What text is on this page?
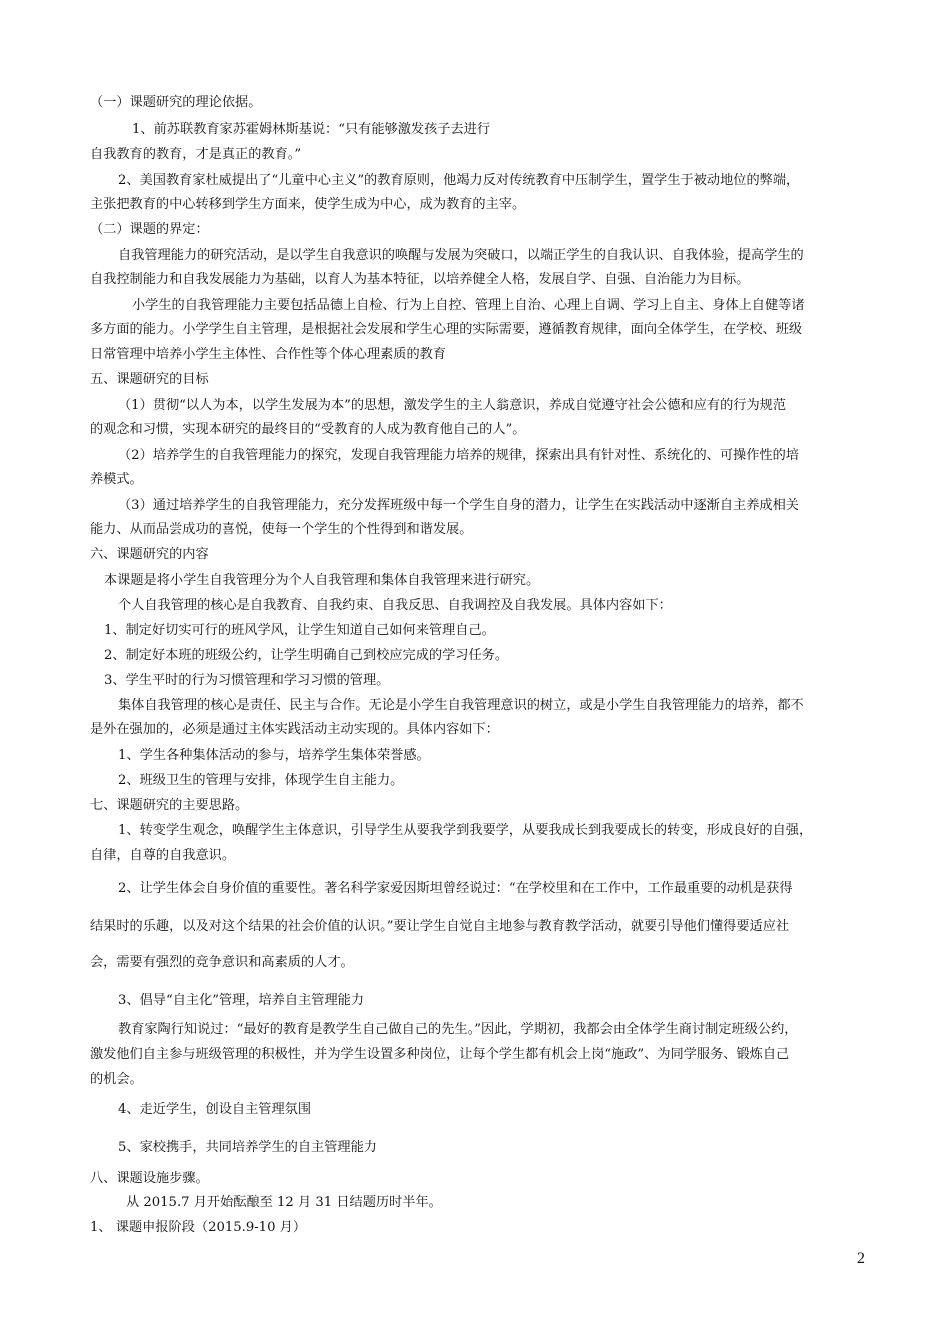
（一）课题研究的理论依据。
1、前苏联教育家苏霍姆林斯基说：“只有能够激发孩子去进行
自我教育的教育，才是真正的教育。”
2、美国教育家杜威提出了“儿童中心主义”的教育原则，他竭力反对传统教育中压制学生，置学生于被动地位的弊端，
主张把教育的中心转移到学生方面来，使学生成为中心，成为教育的主宰。
（二）课题的界定：
自我管理能力的研究活动，是以学生自我意识的唤醒与发展为突破口，以端正学生的自我认识、自我体验，提高学生的
自我控制能力和自我发展能力为基础，以育人为基本特征，以培养健全人格，发展自学、自强、自治能力为目标。
小学生的自我管理能力主要包括品德上自检、行为上自控、管理上自治、心理上自调、学习上自主、身体上自健等诸
多方面的能力。小学学生自主管理，是根据社会发展和学生心理的实际需要，遵循教育规律，面向全体学生，在学校、班级
日常管理中培养小学生主体性、合作性等个体心理素质的教育
五、课题研究的目标
（1）贯彻“以人为本，以学生发展为本”的思想，激发学生的主人翁意识，养成自觉遵守社会公德和应有的行为规范
的观念和习惯，实现本研究的最终目的“受教育的人成为教育他自己的人”。
（2）培养学生的自我管理能力的探究，发现自我管理能力培养的规律，探索出具有针对性、系统化的、可操作性的培
养模式。
（3）通过培养学生的自我管理能力，充分发挥班级中每一个学生自身的潜力，让学生在实践活动中逐渐自主养成相关
能力、从而品尝成功的喜悦，使每一个学生的个性得到和谐发展。
六、课题研究的内容
本课题是将小学生自我管理分为个人自我管理和集体自我管理来进行研究。
个人自我管理的核心是自我教育、自我约束、自我反思、自我调控及自我发展。具体内容如下：
1、制定好切实可行的班风学风，让学生知道自己如何来管理自己。
2、制定好本班的班级公约，让学生明确自己到校应完成的学习任务。
3、学生平时的行为习惯管理和学习习惯的管理。
集体自我管理的核心是责任、民主与合作。无论是小学生自我管理意识的树立，或是小学生自我管理能力的培养，都不
是外在强加的，必须是通过主体实践活动主动实现的。具体内容如下：
1、学生各种集体活动的参与，培养学生集体荣誉感。
2、班级卫生的管理与安排，体现学生自主能力。
七、课题研究的主要思路。
1、转变学生观念，唤醒学生主体意识，引导学生从要我学到我要学，从要我成长到我要成长的转变，形成良好的自强，
自律，自尊的自我意识。
2、让学生体会自身价值的重要性。著名科学家爱因斯坦曾经说过：“在学校里和在工作中，工作最重要的动机是获得
结果时的乐趣，以及对这个结果的社会价值的认识。”要让学生自觉自主地参与教育教学活动，就要引导他们懂得要适应社
会，需要有强烈的竞争意识和高素质的人才。
3、倡导“自主化”管理，培养自主管理能力
教育家陶行知说过：“最好的教育是教学生自己做自己的先生。”因此，学期初，我都会由全体学生商讨制定班级公约，
激发他们自主参与班级管理的积极性，并为学生设置多种岗位，让每个学生都有机会上岗“施政”、为同学服务、锻炼自己
的机会。
4、走近学生，创设自主管理氛围
5、家校携手，共同培养学生的自主管理能力
八、课题设施步骤。
从 2015.7 月开始酝酿至 12 月 31 日结题历时半年。
1、 课题申报阶段（2015.9-10 月）
2
